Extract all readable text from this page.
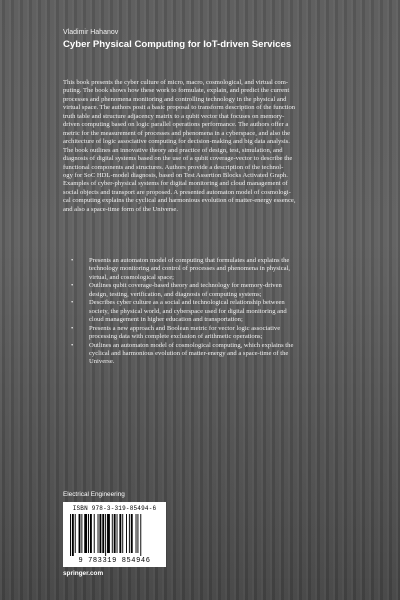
Vladimir Hahanov
Cyber Physical Computing for IoT-driven Services

This book presents the cyber culture of micro, macro, cosmological, and virtual com-

puting. The book shows how these work to formulate, explain, and predict the current

processes and phenomena monitoring and controlling technology in the physical and

virtual space. The authors posit a basic proposal to transform description of the function

truth table and structure adjacency matrix to a qubit vector that focuses on memory-

driven computing based on logic parallel operations performance. The authors offer a

metric for the measurement of processes and phenomena in a cyberspace, and also the

architecture of logic associative computing for decision-making and big data analysis.

The book outlines an innovative theory and practice of design, test, simulation, and

diagnosis of digital systems based on the use of a qubit coverage-vector to describe the

functional components and structures. Authors provide a description of the technol-

ogy for SoC HDL-model diagnosis, based on Test Assertion Blocks Activated Graph.

Examples of cyber-physical systems for digital monitoring and cloud management of

social objects and transport are proposed. A presented automaton model of cosmologi-

cal computing explains the cyclical and harmonious evolution of matter-energy essence,

and also a space-time form of the Universe.

• Presents an automaton model of computing that formulates and explains the
technology monitoring and control of processes and phenomena in physical,
virtual, and cosmological space;
• Outlines qubit coverage-based theory and technology for memory-driven
design, testing, verification, and diagnosis of computing systems;
• Describes cyber culture as a social and technological relationship between
society, the physical world, and cyberspace used for digital monitoring and
cloud management in higher education and transportation;
• Presents a new approach and Boolean metric for vector logic associative
processing data with complete exclusion of arithmetic operations;
• Outlines an automaton model of cosmological computing, which explains the
cyclical and harmonious evolution of matter-energy and a space-time of the
Universe.
Electrical Engineering
ISBN 978-3-319-85494-6
9 783319 854946
springer.com
